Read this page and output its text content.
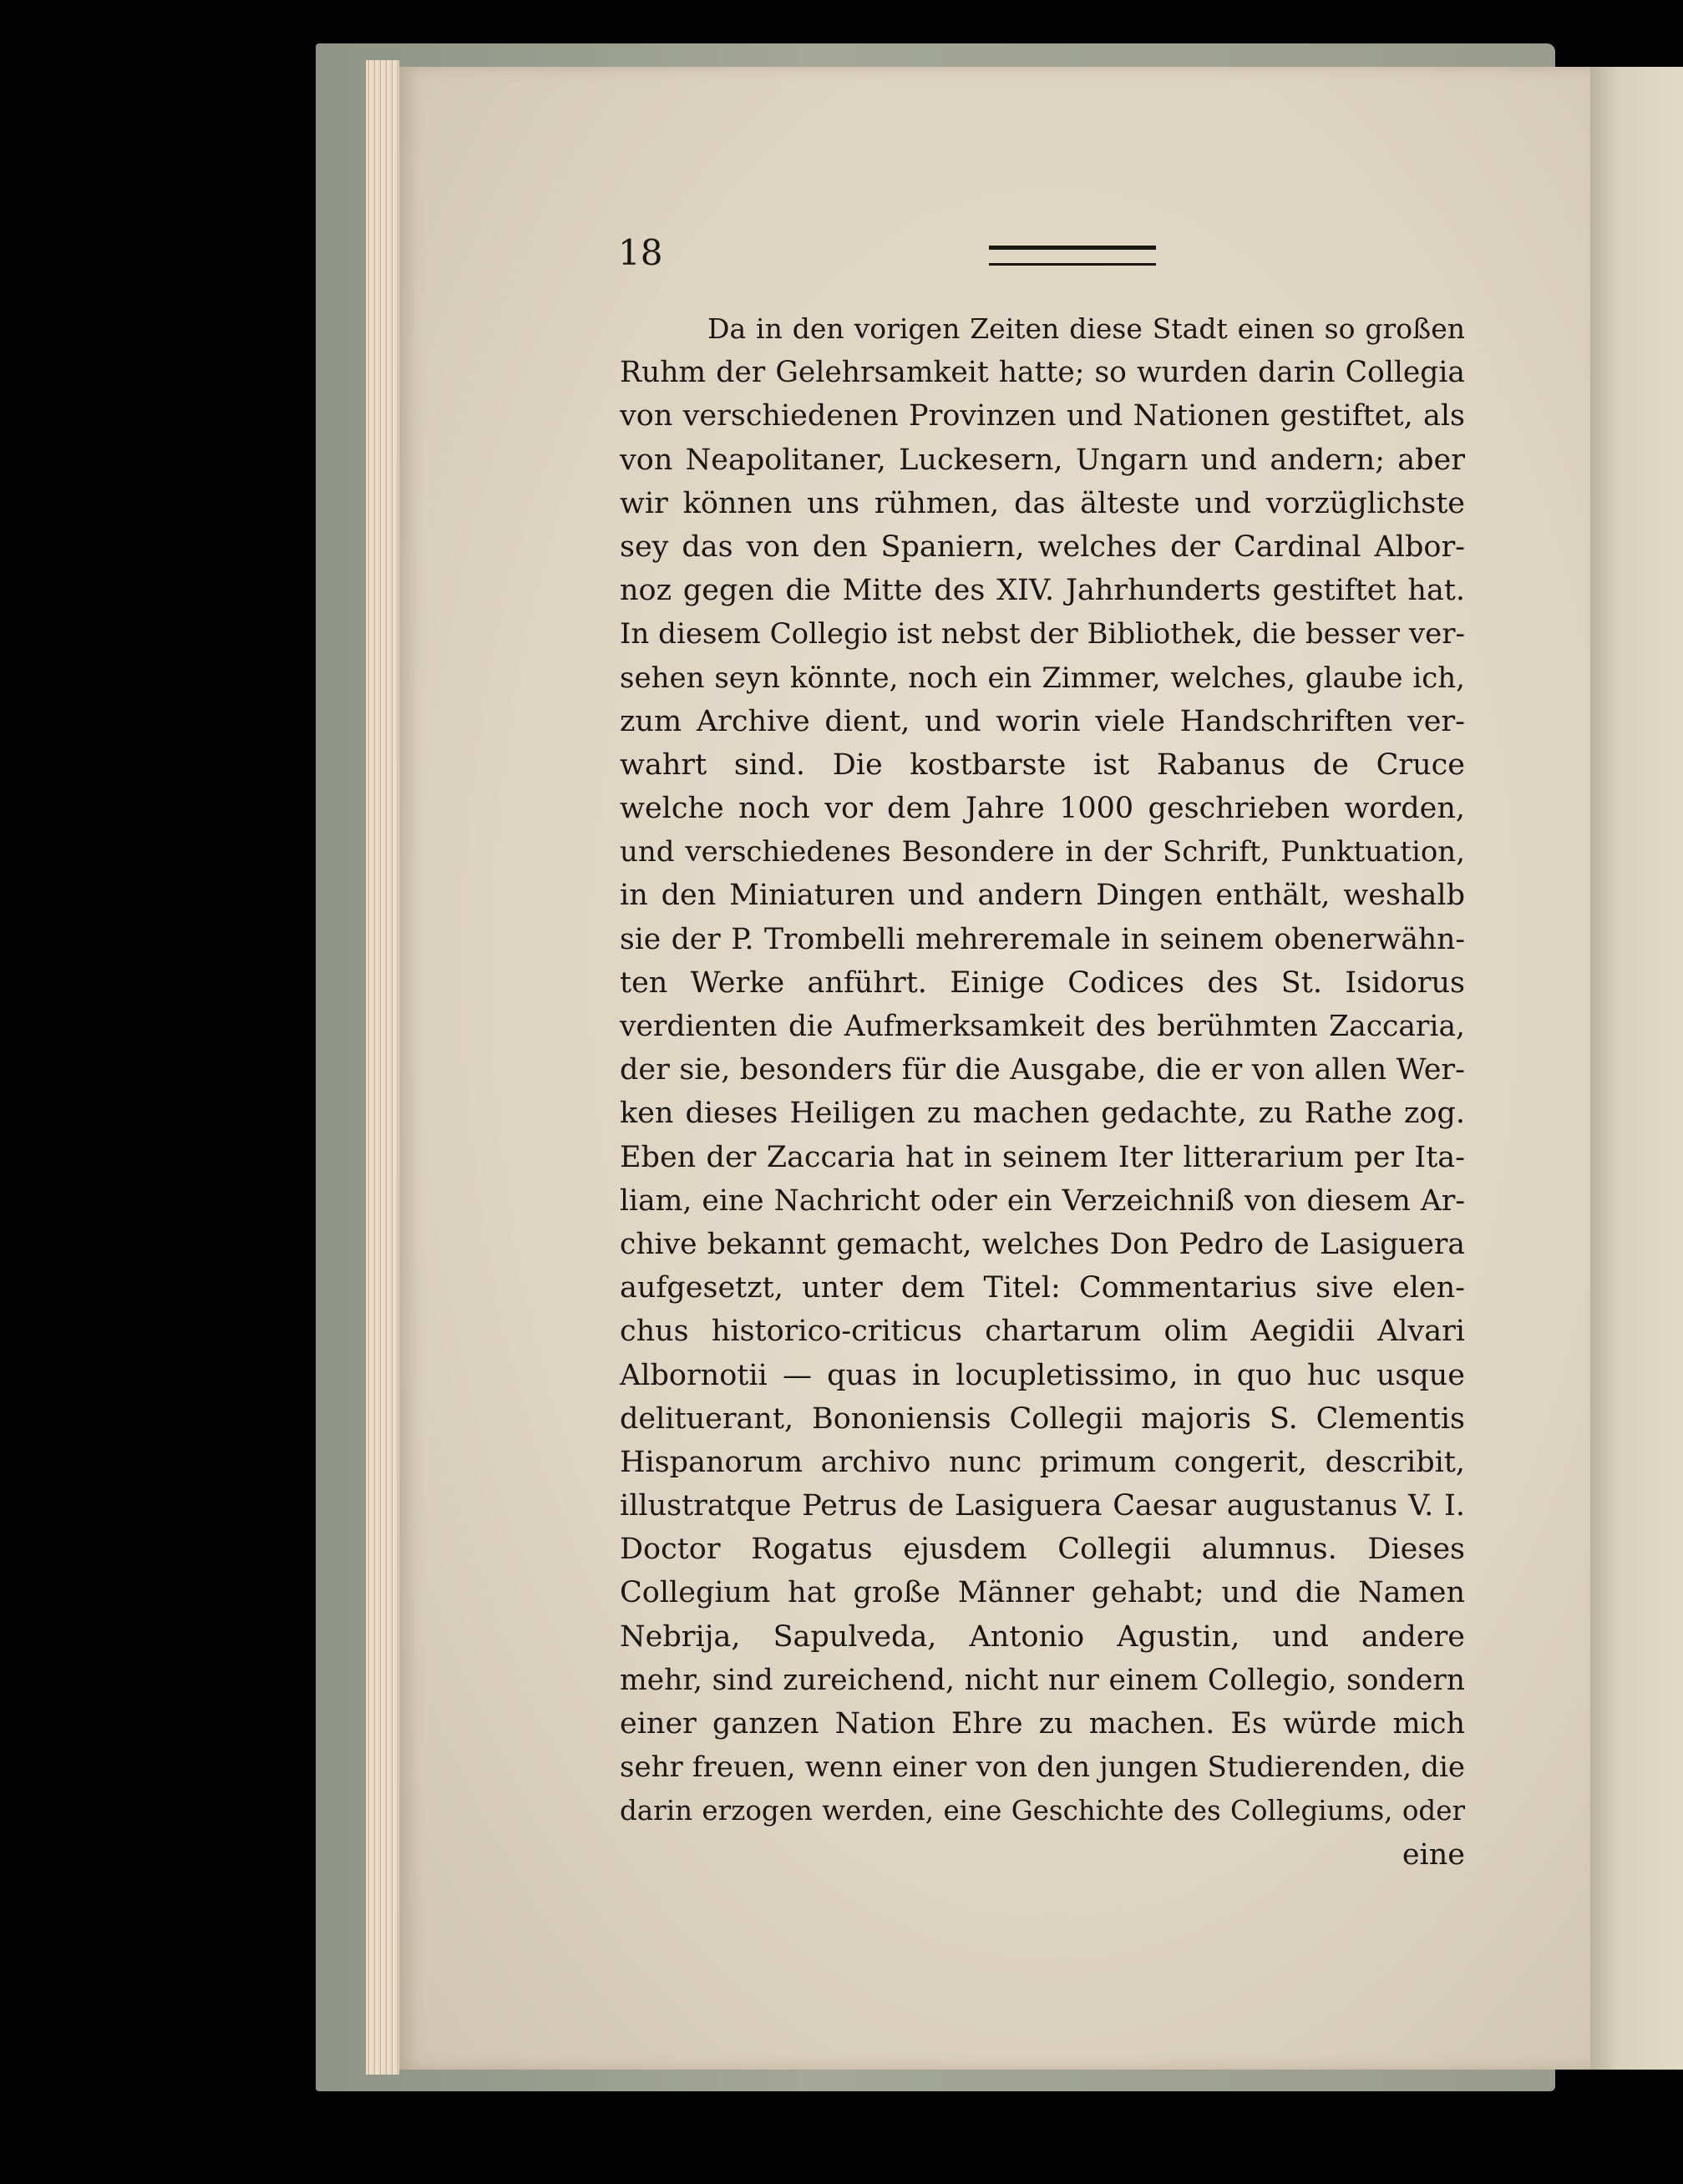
18
Da in den vorigen Zeiten diese Stadt einen so großen
Ruhm der Gelehrsamkeit hatte; so wurden darin Collegia
von verschiedenen Provinzen und Nationen gestiftet, als
von Neapolitaner, Luckesern, Ungarn und andern; aber
wir können uns rühmen, das älteste und vorzüglichste
sey das von den Spaniern, welches der Cardinal Albor-
noz gegen die Mitte des XIV. Jahrhunderts gestiftet hat.
In diesem Collegio ist nebst der Bibliothek, die besser ver-
sehen seyn könnte, noch ein Zimmer, welches, glaube ich,
zum Archive dient, und worin viele Handschriften ver-
wahrt sind. Die kostbarste ist Rabanus de Cruce
welche noch vor dem Jahre 1000 geschrieben worden,
und verschiedenes Besondere in der Schrift, Punktuation,
in den Miniaturen und andern Dingen enthält, weshalb
sie der P. Trombelli mehreremale in seinem obenerwähn-
ten Werke anführt. Einige Codices des St. Isidorus
verdienten die Aufmerksamkeit des berühmten Zaccaria,
der sie, besonders für die Ausgabe, die er von allen Wer-
ken dieses Heiligen zu machen gedachte, zu Rathe zog.
Eben der Zaccaria hat in seinem Iter litterarium per Ita-
liam, eine Nachricht oder ein Verzeichniß von diesem Ar-
chive bekannt gemacht, welches Don Pedro de Lasiguera
aufgesetzt, unter dem Titel: Commentarius sive elen-
chus historico-criticus chartarum olim Aegidii Alvari
Albornotii — quas in locupletissimo, in quo huc usque
delituerant, Bononiensis Collegii majoris S. Clementis
Hispanorum archivo nunc primum congerit, describit,
illustratque Petrus de Lasiguera Caesar augustanus V. I.
Doctor Rogatus ejusdem Collegii alumnus. Dieses
Collegium hat große Männer gehabt; und die Namen
Nebrija, Sapulveda, Antonio Agustin, und andere
mehr, sind zureichend, nicht nur einem Collegio, sondern
einer ganzen Nation Ehre zu machen. Es würde mich
sehr freuen, wenn einer von den jungen Studierenden, die
darin erzogen werden, eine Geschichte des Collegiums, oder
eine
